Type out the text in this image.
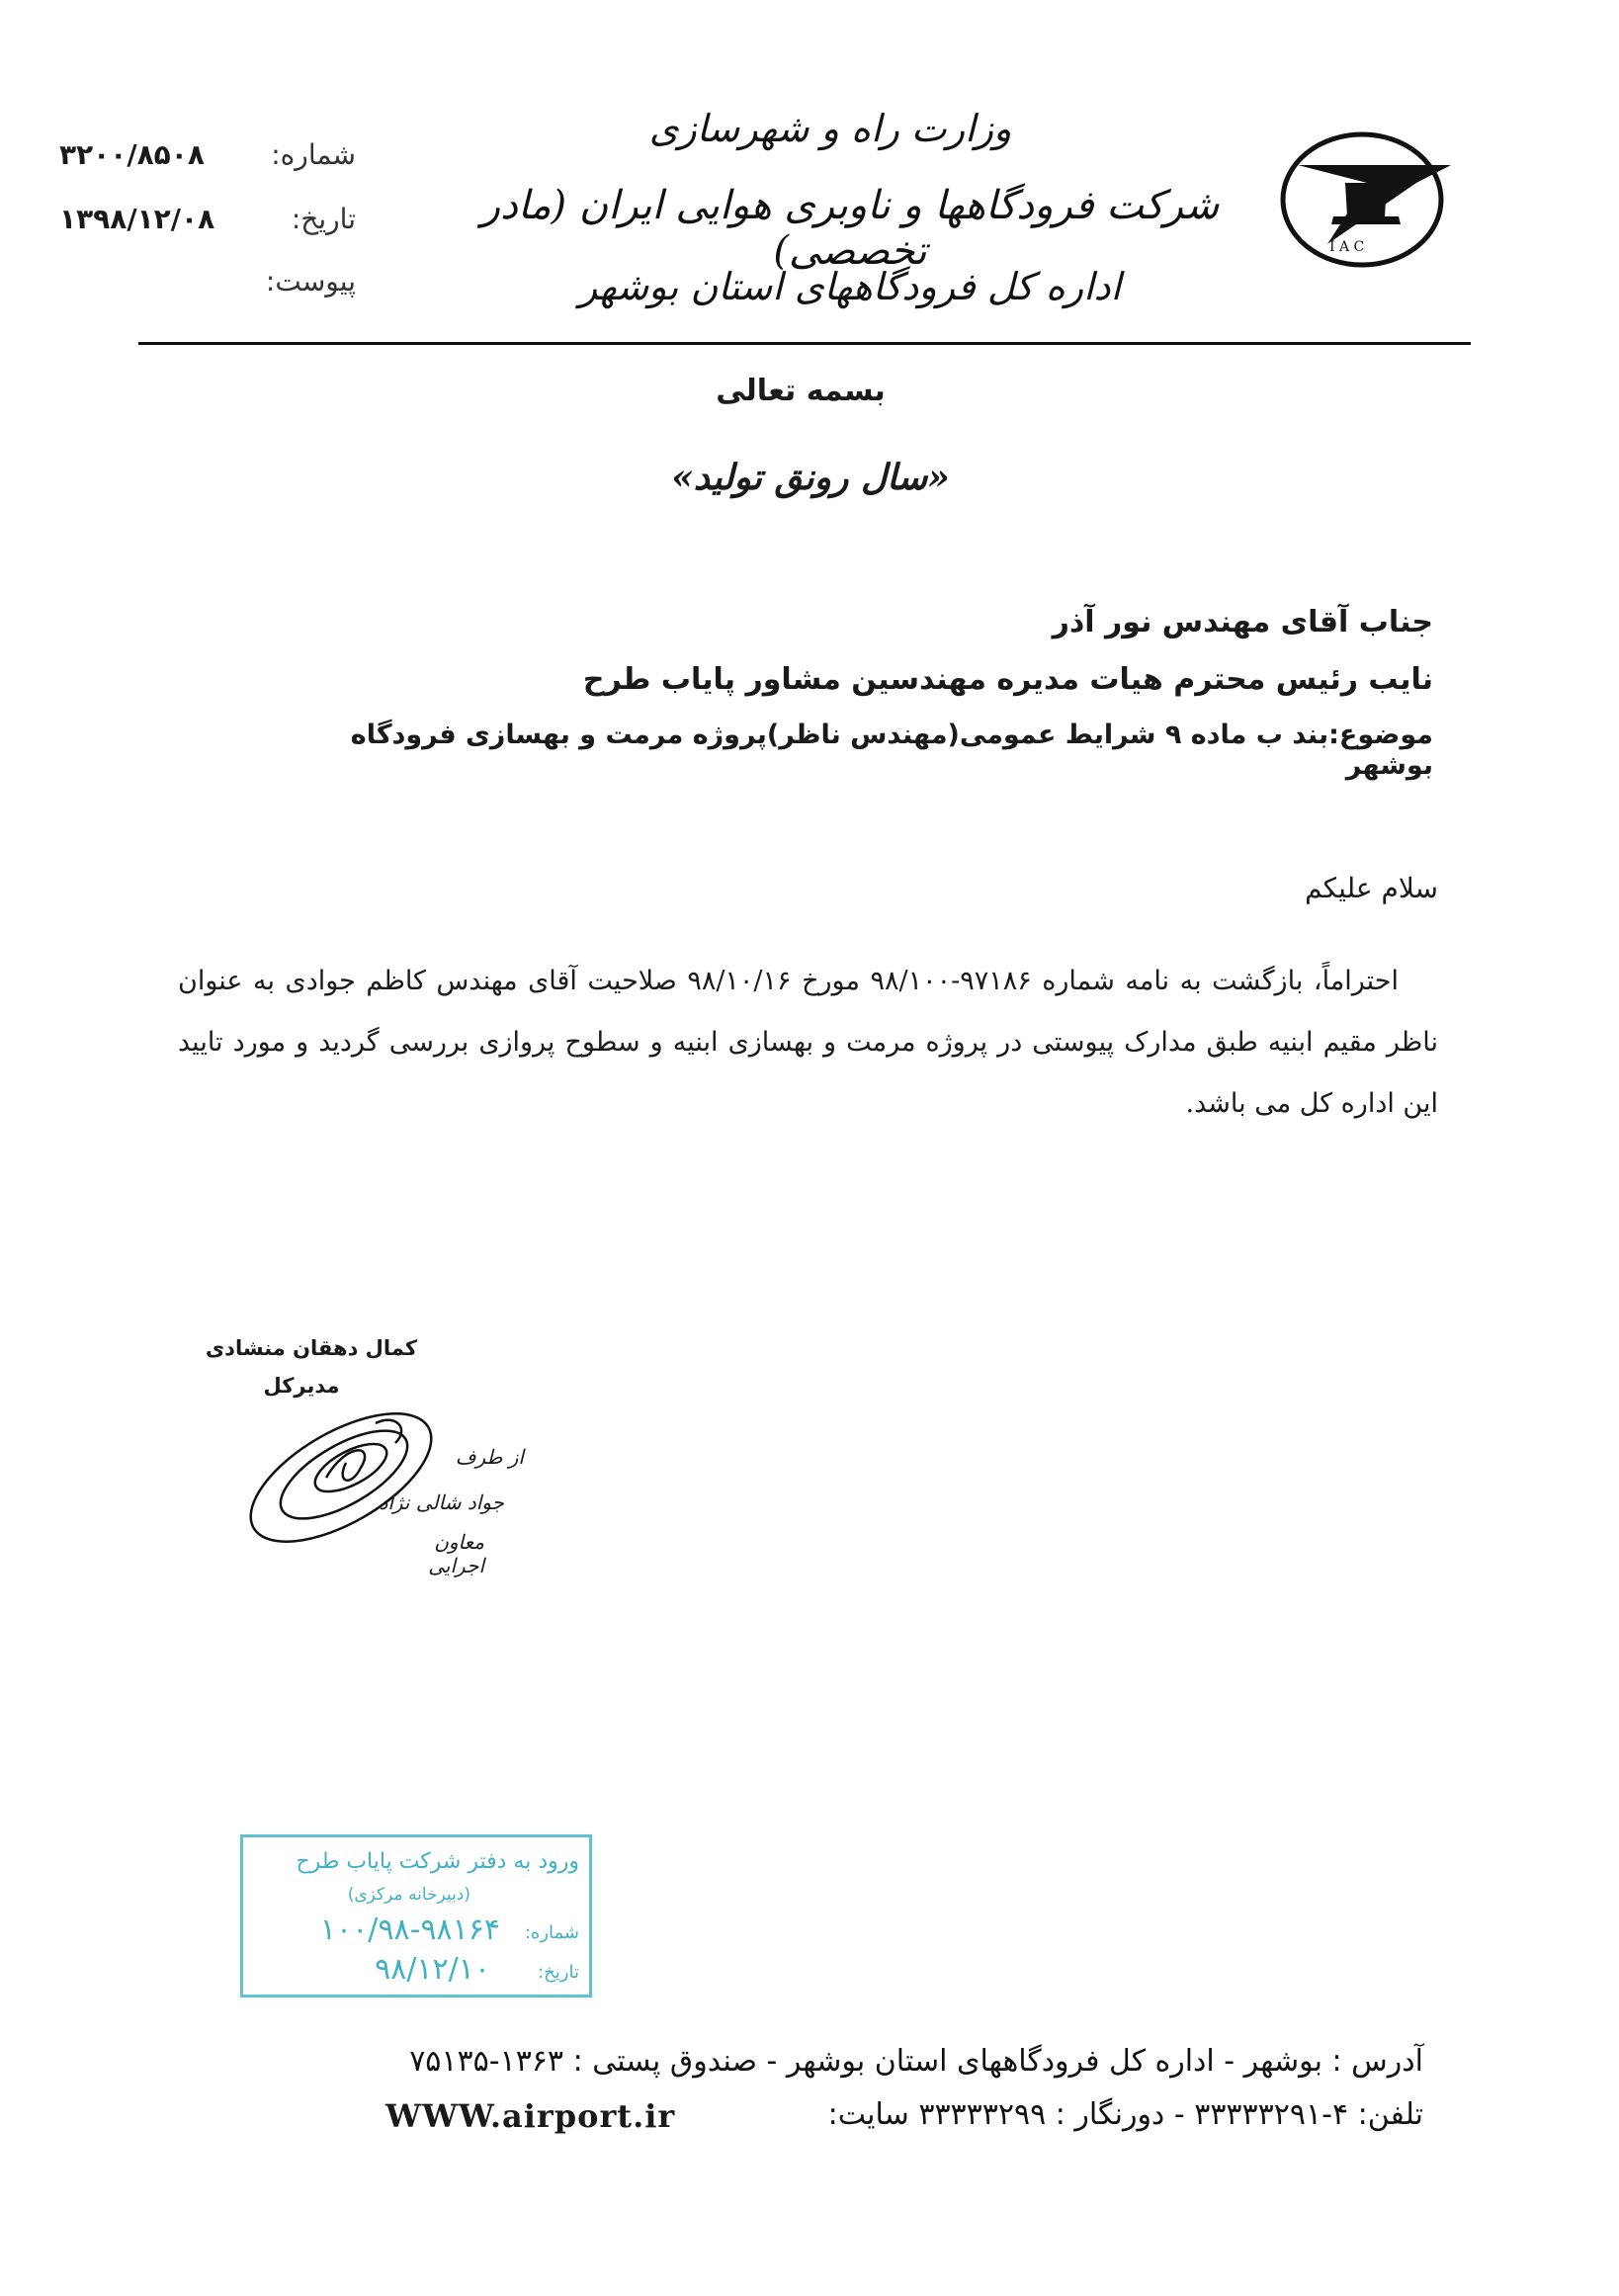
شماره:
۳۲۰۰/۸۵۰۸
تاریخ:
۱۳۹۸/۱۲/۰۸
پیوست:
وزارت راه و شهرسازی
شرکت فرودگاهها و ناوبری هوایی ایران (مادر تخصصی)
اداره کل فرودگاههای استان بوشهر
I A C
بسمه تعالی
«سال رونق تولید»
جناب آقای مهندس نور آذر
نایب رئیس محترم هیات مدیره مهندسین مشاور پایاب طرح
موضوع:بند ب ماده ۹ شرایط عمومی(مهندس ناظر)پروژه مرمت و بهسازی فرودگاه بوشهر
سلام علیکم
احتراماً، بازگشت به نامه شماره ۹۷۱۸۶-۹۸/۱۰۰ مورخ ۹۸/۱۰/۱۶ صلاحیت آقای مهندس کاظم جوادی به عنوان ناظر مقیم ابنیه طبق مدارک پیوستی در پروژه مرمت و بهسازی ابنیه و سطوح پروازی بررسی گردید و مورد تایید این اداره کل می باشد.
کمال دهقان منشادی
مدیرکل
از طرف
جواد شالی نژاد
معاون اجرایی
ورود به دفتر شرکت پایاب طرح
(دبیرخانه مرکزی)
شماره:
۱۰۰/۹۸-۹۸۱۶۴
تاریخ:
۹۸/۱۲/۱۰
آدرس : بوشهر - اداره کل فرودگاههای استان بوشهر - صندوق پستی : ۱۳۶۳-۷۵۱۳۵
تلفن: ۴-۳۳۳۳۳۲۹۱ - دورنگار : ۳۳۳۳۳۲۹۹ سایت:
WWW.airport.ir
